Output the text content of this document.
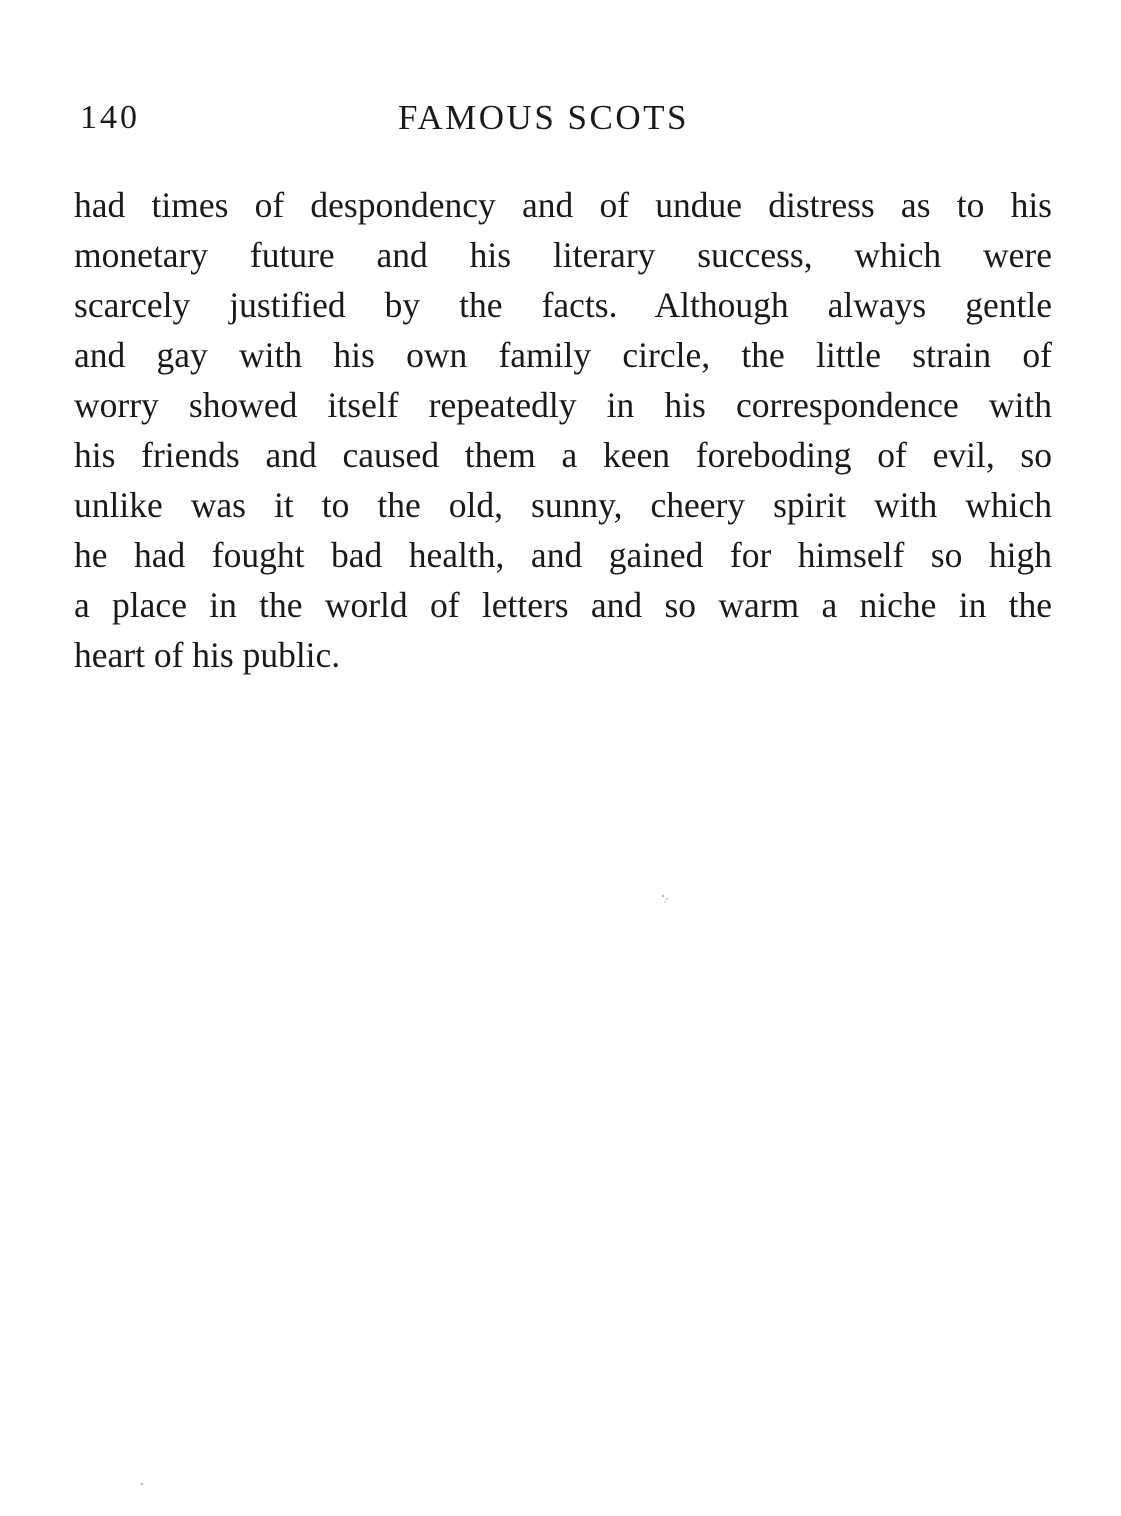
140	FAMOUS SCOTS
had times of despondency and of undue distress as to his
monetary future and his literary success, which were
scarcely justified by the facts. Although always gentle
and gay with his own family circle, the little strain of
worry showed itself repeatedly in his correspondence with
his friends and caused them a keen foreboding of evil, so
unlike was it to the old, sunny, cheery spirit with which
he had fought bad health, and gained for himself so high
a place in the world of letters and so warm a niche in the
heart of his public.
